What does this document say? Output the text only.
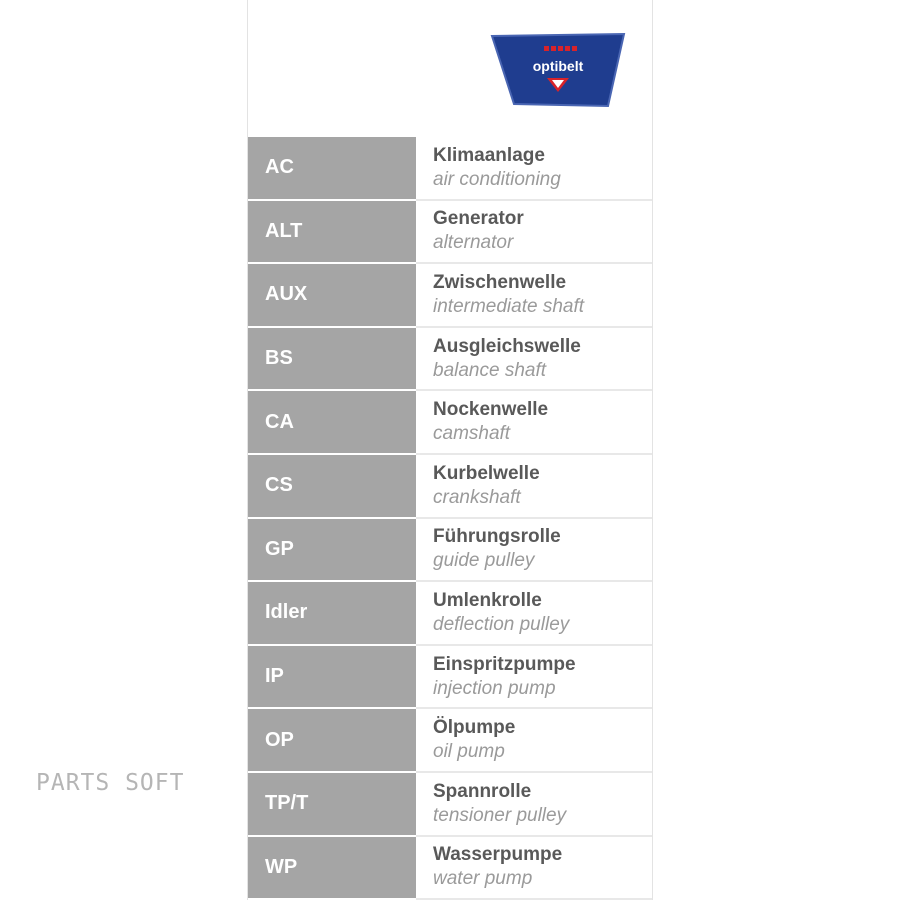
PARTS SOFT
optibelt
AC
Klimaanlage
air conditioning
ALT
Generator
alternator
AUX
Zwischenwelle
intermediate shaft
BS
Ausgleichswelle
balance shaft
CA
Nockenwelle
camshaft
CS
Kurbelwelle
crankshaft
GP
Führungsrolle
guide pulley
Idler
Umlenkrolle
deflection pulley
IP
Einspritzpumpe
injection pump
OP
Ölpumpe
oil pump
TP/T
Spannrolle
tensioner pulley
WP
Wasserpumpe
water pump
